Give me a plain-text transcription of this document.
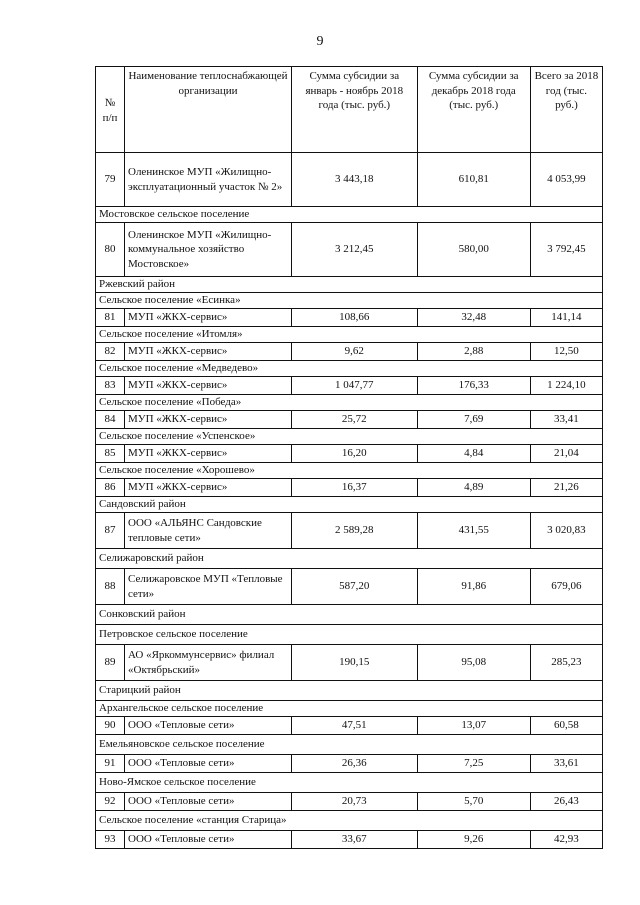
9
№ п/п	Наименование теплоснабжающей организации	Сумма субсидии за январь - ноябрь 2018 года (тыс. руб.)	Сумма субсидии за декабрь 2018 года (тыс. руб.)	Всего за 2018 год (тыс. руб.)
79	Оленинское МУП «Жилищно-эксплуатационный участок № 2»	3 443,18	610,81	4 053,99
Мостовское сельское поселение				
80	Оленинское МУП «Жилищно-коммунальное хозяйство Мостовское»	3 212,45	580,00	3 792,45
Ржевский район				
Сельское поселение «Есинка»				
81	МУП «ЖКХ-сервис»	108,66	32,48	141,14
Сельское поселение «Итомля»				
82	МУП «ЖКХ-сервис»	9,62	2,88	12,50
Сельское поселение «Медведево»				
83	МУП «ЖКХ-сервис»	1 047,77	176,33	1 224,10
Сельское поселение «Победа»				
84	МУП «ЖКХ-сервис»	25,72	7,69	33,41
Сельское поселение «Успенское»				
85	МУП «ЖКХ-сервис»	16,20	4,84	21,04
Сельское поселение «Хорошево»				
86	МУП «ЖКХ-сервис»	16,37	4,89	21,26
Сандовский район				
87	ООО «АЛЬЯНС Сандовские тепловые сети»	2 589,28	431,55	3 020,83
Селижаровский район				
88	Селижаровское МУП «Тепловые сети»	587,20	91,86	679,06
Сонковский район				
Петровское сельское поселение				
89	АО «Яркоммунсервис» филиал «Октябрьский»	190,15	95,08	285,23
Старицкий район				
Архангельское сельское поселение				
90	ООО «Тепловые сети»	47,51	13,07	60,58
Емельяновское сельское поселение				
91	ООО «Тепловые сети»	26,36	7,25	33,61
Ново-Ямское сельское поселение				
92	ООО «Тепловые сети»	20,73	5,70	26,43
Сельское поселение «станция Старица»				
93	ООО «Тепловые сети»	33,67	9,26	42,93
